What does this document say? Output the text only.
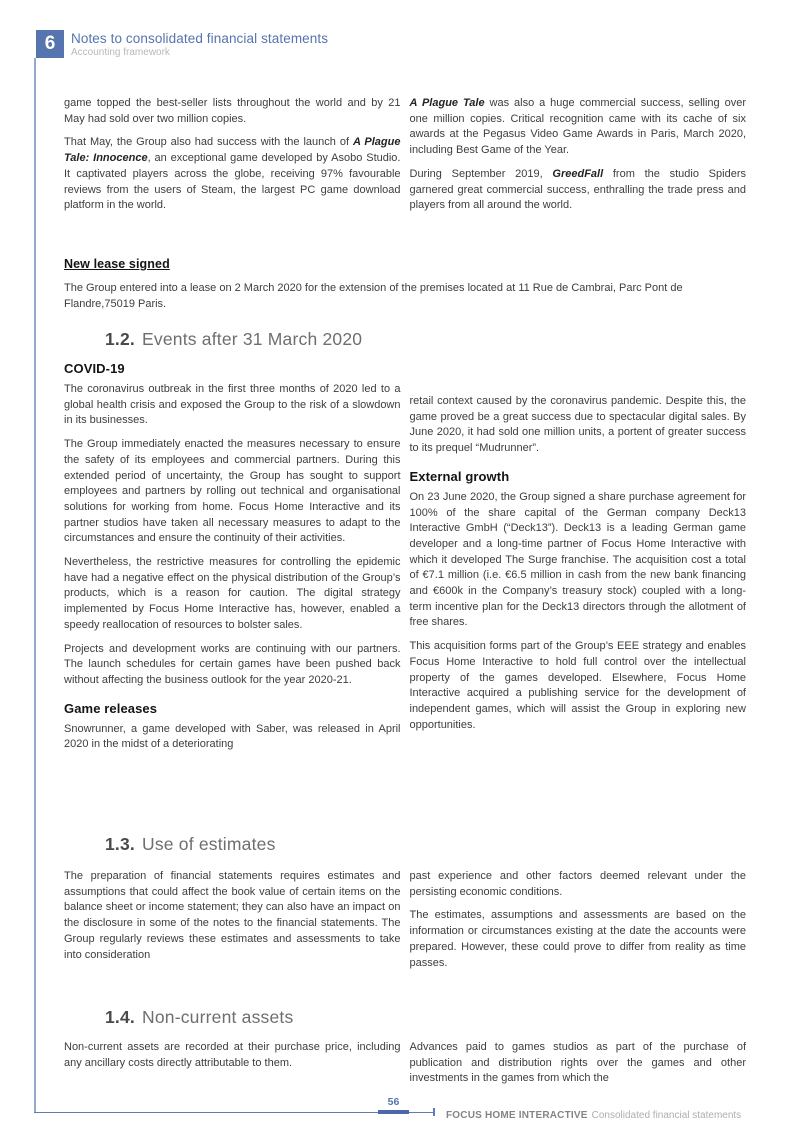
6 Notes to consolidated financial statements
Accounting framework

game topped the best-seller lists throughout the world and by 21 May had sold over two million copies.

That May, the Group also had success with the launch of A Plague Tale: Innocence, an exceptional game developed by Asobo Studio. It captivated players across the globe, receiving 97% favourable reviews from the users of Steam, the largest PC game download platform in the world.

A Plague Tale was also a huge commercial success, selling over one million copies. Critical recognition came with its cache of six awards at the Pegasus Video Game Awards in Paris, March 2020, including Best Game of the Year.

During September 2019, GreedFall from the studio Spiders garnered great commercial success, enthralling the trade press and players from all around the world.

New lease signed

The Group entered into a lease on 2 March 2020 for the extension of the premises located at 11 Rue de Cambrai, Parc Pont de Flandre,75019 Paris.

1.2. Events after 31 March 2020
COVID-19

The coronavirus outbreak in the first three months of 2020 led to a global health crisis and exposed the Group to the risk of a slowdown in its businesses.

The Group immediately enacted the measures necessary to ensure the safety of its employees and commercial partners. During this extended period of uncertainty, the Group has sought to support employees and partners by rolling out technical and organisational solutions for working from home. Focus Home Interactive and its partner studios have taken all necessary measures to adapt to the circumstances and ensure the continuity of their activities.

Nevertheless, the restrictive measures for controlling the epidemic have had a negative effect on the physical distribution of the Group’s products, which is a reason for caution. The digital strategy implemented by Focus Home Interactive has, however, enabled a speedy reallocation of resources to bolster sales.

Projects and development works are continuing with our partners. The launch schedules for certain games have been pushed back without affecting the business outlook for the year 2020-21.

Game releases

Snowrunner, a game developed with Saber, was released in April 2020 in the midst of a deteriorating

retail context caused by the coronavirus pandemic. Despite this, the game proved be a great success due to spectacular digital sales. By June 2020, it had sold one million units, a portent of greater success to its prequel “Mudrunner”.

External growth

On 23 June 2020, the Group signed a share purchase agreement for 100% of the share capital of the German company Deck13 Interactive GmbH (“Deck13”). Deck13 is a leading German game developer and a long-time partner of Focus Home Interactive with which it developed The Surge franchise. The acquisition cost a total of €7.1 million (i.e. €6.5 million in cash from the new bank financing and €600k in the Company’s treasury stock) coupled with a long-term incentive plan for the Deck13 directors through the allotment of free shares.

This acquisition forms part of the Group’s EEE strategy and enables Focus Home Interactive to hold full control over the intellectual property of the games developed. Elsewhere, Focus Home Interactive acquired a publishing service for the development of independent games, which will assist the Group in exploring new opportunities.

1.3. Use of estimates

The preparation of financial statements requires estimates and assumptions that could affect the book value of certain items on the balance sheet or income statement; they can also have an impact on the disclosure in some of the notes to the financial statements. The Group regularly reviews these estimates and assessments to take into consideration

past experience and other factors deemed relevant under the persisting economic conditions.

The estimates, assumptions and assessments are based on the information or circumstances existing at the date the accounts were prepared. However, these could prove to differ from reality as time passes.

1.4. Non-current assets

Non-current assets are recorded at their purchase price, including any ancillary costs directly attributable to them.

Advances paid to games studios as part of the purchase of publication and distribution rights over the games and other investments in the games from which the

56
FOCUS HOME INTERACTIVE Consolidated financial statements
